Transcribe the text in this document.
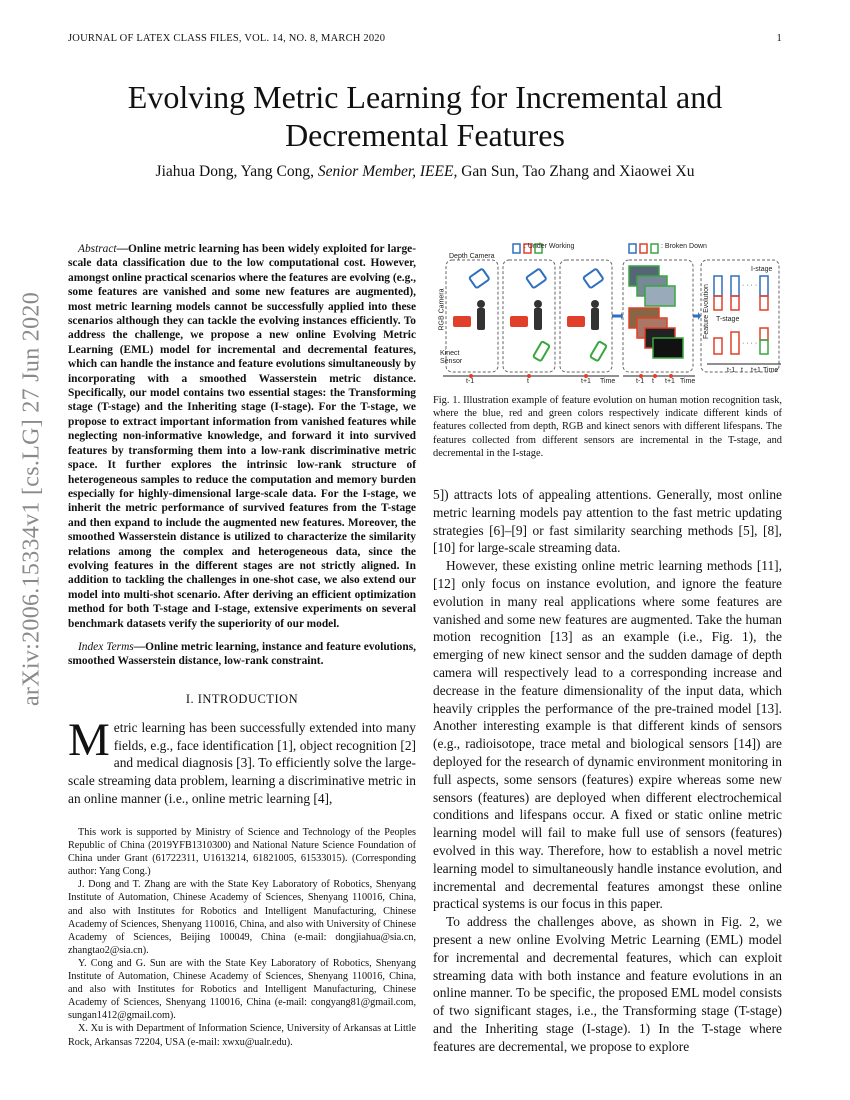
JOURNAL OF LATEX CLASS FILES, VOL. 14, NO. 8, MARCH 2020	1
Evolving Metric Learning for Incremental and
Decremental Features
Jiahua Dong, Yang Cong, Senior Member, IEEE, Gan Sun, Tao Zhang and Xiaowei Xu
arXiv:2006.15334v1 [cs.LG] 27 Jun 2020

Abstract—Online metric learning has been widely exploited for large-scale data classification due to the low computational cost. However, amongst online practical scenarios where the features are evolving (e.g., some features are vanished and some new features are augmented), most metric learning models cannot be successfully applied into these scenarios although they can tackle the evolving instances efficiently. To address the challenge, we propose a new online Evolving Metric Learning (EML) model for incremental and decremental features, which can handle the instance and feature evolutions simultaneously by incorporating with a smoothed Wasserstein metric distance. Specifically, our model contains two essential stages: the Transforming stage (T-stage) and the Inheriting stage (I-stage). For the T-stage, we propose to extract important information from vanished features while neglecting non-informative knowledge, and forward it into survived features by transforming them into a low-rank discriminative metric space. It further explores the intrinsic low-rank structure of heterogeneous samples to reduce the computation and memory burden especially for highly-dimensional large-scale data. For the I-stage, we inherit the metric performance of survived features from the T-stage and then expand to include the augmented new features. Moreover, the smoothed Wasserstein distance is utilized to characterize the similarity relations among the complex and heterogeneous data, since the evolving features in the different stages are not strictly aligned. In addition to tackling the challenges in one-shot case, we also extend our model into multi-shot scenario. After deriving an efficient optimization method for both T-stage and I-stage, extensive experiments on several benchmark datasets verify the superiority of our model.

Index Terms—Online metric learning, instance and feature evolutions, smoothed Wasserstein distance, low-rank constraint.
I. INTRODUCTION
Metric learning has been successfully extended into many fields, e.g., face identification [1], object recognition [2] and medical diagnosis [3]. To efficiently solve the large-scale streaming data problem, learning a discriminative metric in an online manner (i.e., online metric learning [4],

This work is supported by Ministry of Science and Technology of the Peoples Republic of China (2019YFB1310300) and National Nature Science Foundation of China under Grant (61722311, U1613214, 61821005, 61533015). (Corresponding author: Yang Cong.)

J. Dong and T. Zhang are with the State Key Laboratory of Robotics, Shenyang Institute of Automation, Chinese Academy of Sciences, Shenyang 110016, China, and also with Institutes for Robotics and Intelligent Manufacturing, Chinese Academy of Sciences, Shenyang 110016, China, and also with University of Chinese Academy of Sciences, Beijing 100049, China (e-mail: dongjiahua@sia.cn, zhangtao2@sia.cn).

Y. Cong and G. Sun are with the State Key Laboratory of Robotics, Shenyang Institute of Automation, Chinese Academy of Sciences, Shenyang 110016, China, and also with Institutes for Robotics and Intelligent Manufacturing, Chinese Academy of Sciences, Shenyang 110016, China (e-mail: congyang81@gmail.com, sungan1412@gmail.com).

X. Xu is with Department of Information Science, University of Arkansas at Little Rock, Arkansas 72204, USA (e-mail: xwxu@ualr.edu).

: Under Working	: Broken Down
Depth Camera
RGB Camera
Kinect Sensor
t-1	t	t+1 Time	t-1 t t+1 Time
Feature Evolution
I-stage
T-stage
· · · ·
· · · ·
t-1 t t+1 Time
Fig. 1. Illustration example of feature evolution on human motion recognition task, where the blue, red and green colors respectively indicate different kinds of features collected from depth, RGB and kinect senors with different lifespans. The features collected from different sensors are incremental in the T-stage, and decremental in the I-stage.

5]) attracts lots of appealing attentions. Generally, most online metric learning models pay attention to the fast metric updating strategies [6]–[9] or fast similarity searching methods [5], [8], [10] for large-scale streaming data.

However, these existing online metric learning methods [11], [12] only focus on instance evolution, and ignore the feature evolution in many real applications where some features are vanished and some new features are augmented. Take the human motion recognition [13] as an example (i.e., Fig. 1), the emerging of new kinect sensor and the sudden damage of depth camera will respectively lead to a corresponding increase and decrease in the feature dimensionality of the input data, which heavily cripples the performance of the pre-trained model [13]. Another interesting example is that different kinds of sensors (e.g., radioisotope, trace metal and biological sensors [14]) are deployed for the research of dynamic environment monitoring in full aspects, some sensors (features) expire whereas some new sensors (features) are deployed when different electrochemical conditions and lifespans occur. A fixed or static online metric learning model will fail to make full use of sensors (features) evolved in this way. Therefore, how to establish a novel metric learning model to simultaneously handle instance evolution, and incremental and decremental features amongst these online practical systems is our focus in this paper.

To address the challenges above, as shown in Fig. 2, we present a new online Evolving Metric Learning (EML) model for incremental and decremental features, which can exploit streaming data with both instance and feature evolutions in an online manner. To be specific, the proposed EML model consists of two significant stages, i.e., the Transforming stage (T-stage) and the Inheriting stage (I-stage). 1) In the T-stage where features are decremental, we propose to explore
